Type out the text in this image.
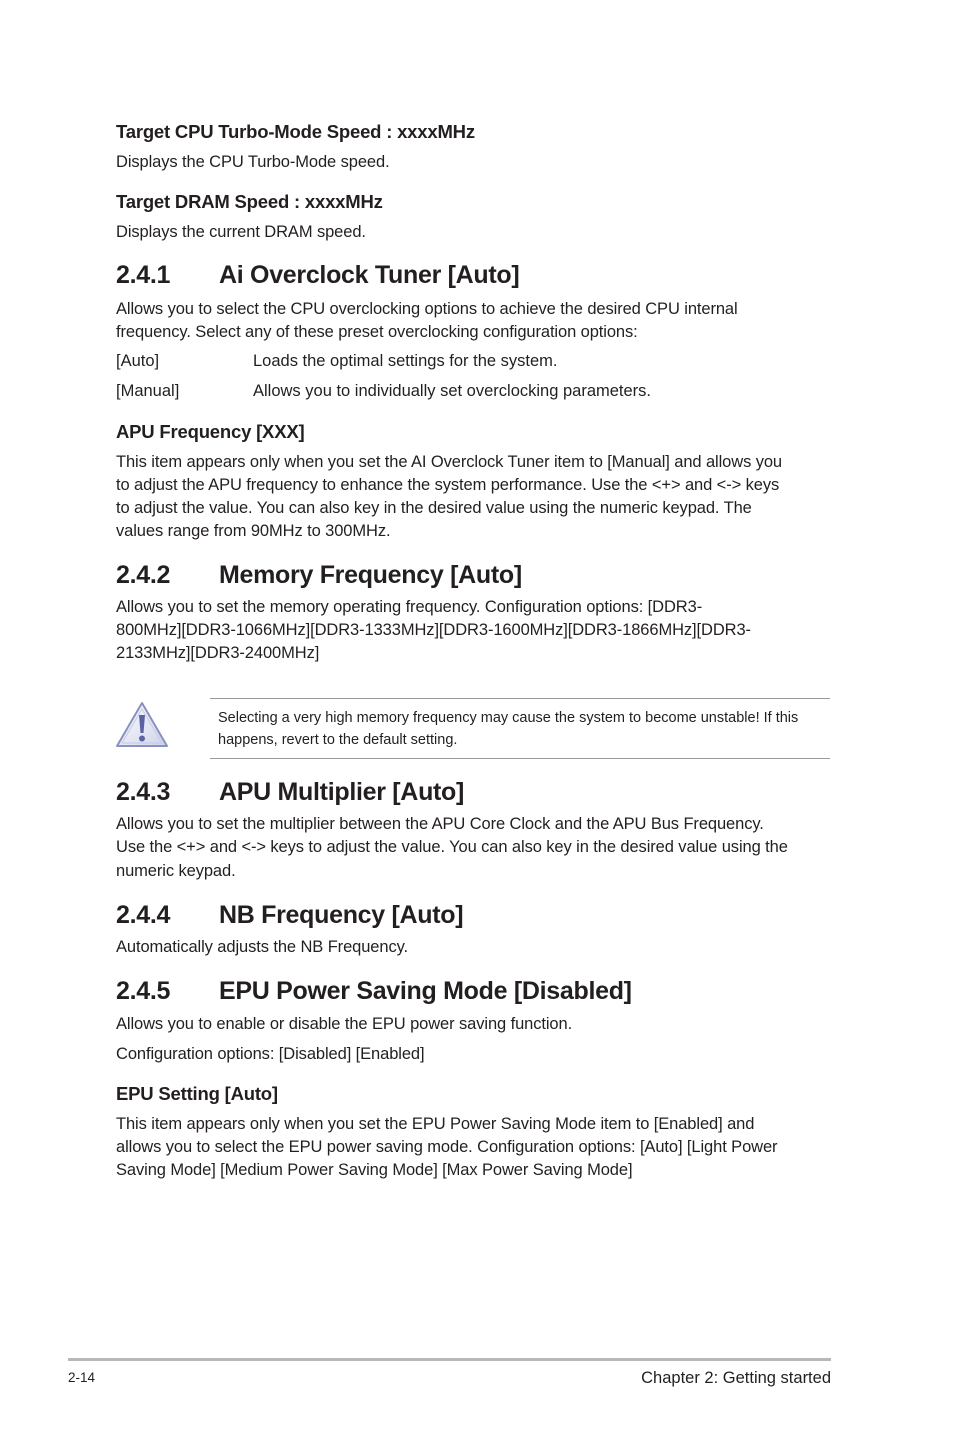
Target CPU Turbo-Mode Speed : xxxxMHz
Displays the CPU Turbo-Mode speed.
Target DRAM Speed : xxxxMHz
Displays the current DRAM speed.
2.4.1 Ai Overclock Tuner [Auto]
Allows you to select the CPU overclocking options to achieve the desired CPU internal
frequency. Select any of these preset overclocking configuration options:
[Auto]	Loads the optimal settings for the system.
[Manual]	Allows you to individually set overclocking parameters.
APU Frequency [XXX]
This item appears only when you set the AI Overclock Tuner item to [Manual] and allows you
to adjust the APU frequency to enhance the system performance. Use the <+> and <-> keys
to adjust the value. You can also key in the desired value using the numeric keypad. The
values range from 90MHz to 300MHz.
2.4.2 Memory Frequency [Auto]
Allows you to set the memory operating frequency. Configuration options: [DDR3-
800MHz][DDR3-1066MHz][DDR3-1333MHz][DDR3-1600MHz][DDR3-1866MHz][DDR3-
2133MHz][DDR3-2400MHz]
Selecting a very high memory frequency may cause the system to become unstable! If this
happens, revert to the default setting.
2.4.3 APU Multiplier [Auto]
Allows you to set the multiplier between the APU Core Clock and the APU Bus Frequency.
Use the <+> and <-> keys to adjust the value. You can also key in the desired value using the
numeric keypad.
2.4.4 NB Frequency [Auto]
Automatically adjusts the NB Frequency.
2.4.5 EPU Power Saving Mode [Disabled]
Allows you to enable or disable the EPU power saving function.
Configuration options: [Disabled] [Enabled]
EPU Setting [Auto]
This item appears only when you set the EPU Power Saving Mode item to [Enabled] and
allows you to select the EPU power saving mode. Configuration options: [Auto] [Light Power
Saving Mode] [Medium Power Saving Mode] [Max Power Saving Mode]
2-14	Chapter 2: Getting started
